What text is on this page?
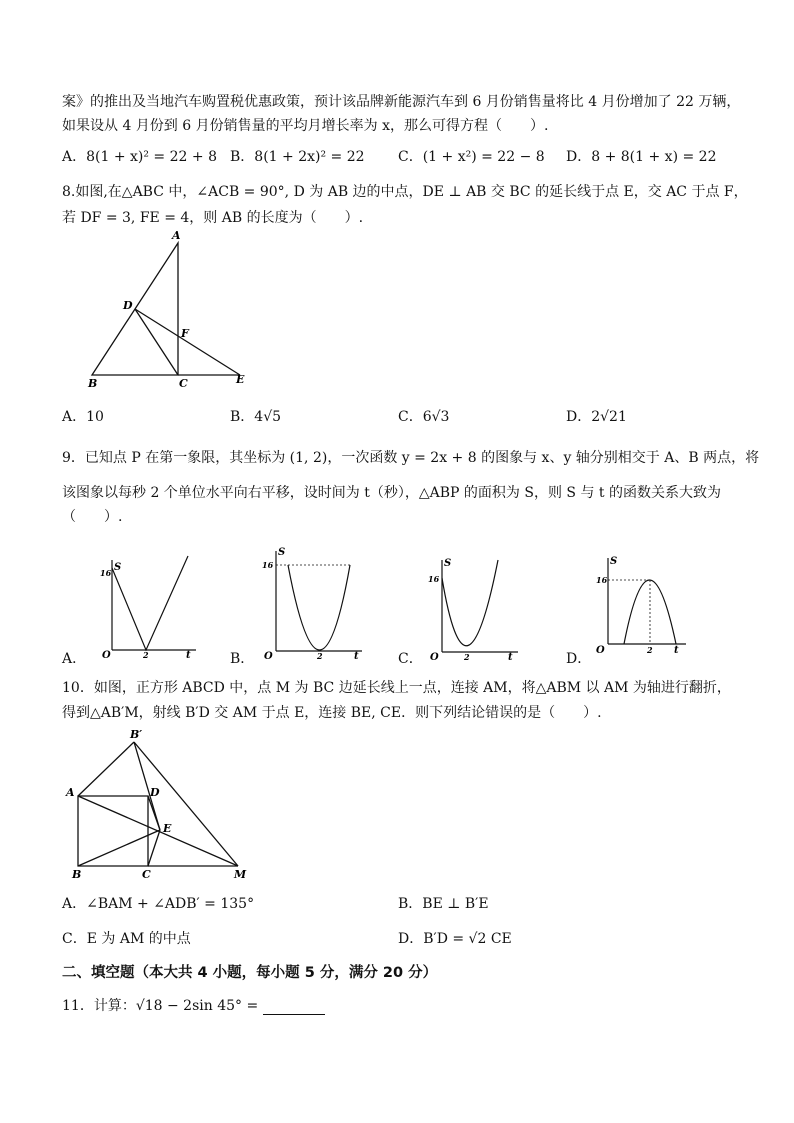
案》的推出及当地汽车购置税优惠政策，预计该品牌新能源汽车到 6 月份销售量将比 4 月份增加了 22 万辆，
如果设从 4 月份到 6 月份销售量的平均月增长率为 x，那么可得方程（　　）.
A．8(1 + x)² = 22 + 8 B．8(1 + 2x)² = 22 C．(1 + x²) = 22 − 8 D．8 + 8(1 + x) = 22
8.如图,在△ABC 中，∠ACB = 90°, D 为 AB 边的中点，DE ⊥ AB 交 BC 的延长线于点 E，交 AC 于点 F，
若 DF = 3, FE = 4，则 AB 的长度为（　　）.
A
D
F
B	C	E
A．10	B．4√5	C．6√3	D．2√21
9．已知点 P 在第一象限，其坐标为 (1, 2)，一次函数 y = 2x + 8 的图象与 x、y 轴分别相交于 A、B 两点，将
该图象以每秒 2 个单位水平向右平移，设时间为 t（秒），△ABP 的面积为 S，则 S 与 t 的函数关系大致为
（　　）.
A．
S
16
O	2	t	B．
S
16
O	2	t	C．
S
16
O	2	t	D．
S
16
O	2 t
10．如图，正方形 ABCD 中，点 M 为 BC 边延长线上一点，连接 AM，将△ABM 以 AM 为轴进行翻折，
得到△AB′M，射线 B′D 交 AM 于点 E，连接 BE, CE．则下列结论错误的是（　　）.
B′
A	D
E
B	C	M
A．∠BAM + ∠ADB′ = 135°	B．BE ⊥ B′E
C．E 为 AM 的中点	D．B′D = √2 CE
二、填空题（本大共 4 小题，每小题 5 分，满分 20 分）
11．计算：√18 − 2sin 45° =
